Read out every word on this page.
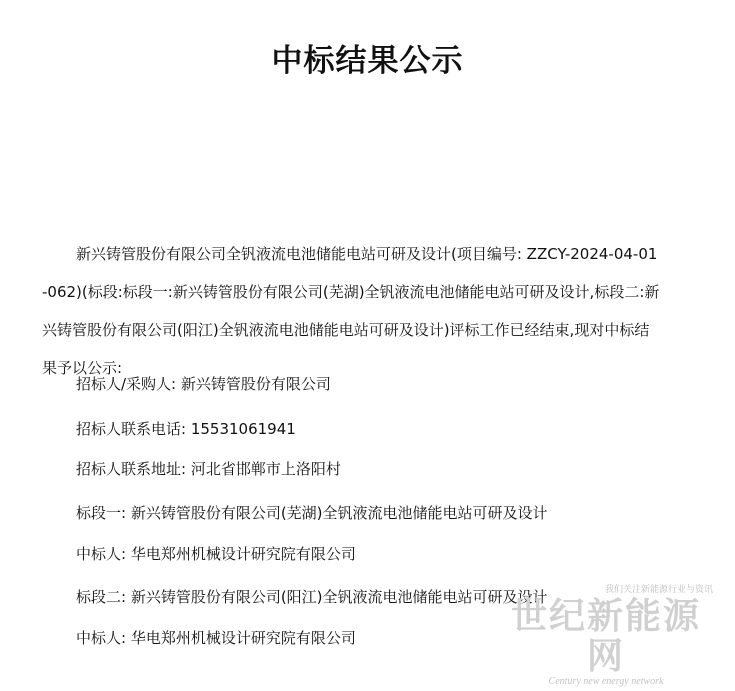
中标结果公示

新兴铸管股份有限公司全钒液流电池储能电站可研及设计(项目编号: ZZCY-2024-04-01-062)(标段:标段一:新兴铸管股份有限公司(芜湖)全钒液流电池储能电站可研及设计,标段二:新兴铸管股份有限公司(阳江)全钒液流电池储能电站可研及设计)评标工作已经结束,现对中标结果予以公示:

招标人/采购人: 新兴铸管股份有限公司
招标人联系电话: 15531061941
招标人联系地址: 河北省邯郸市上洛阳村
标段一: 新兴铸管股份有限公司(芜湖)全钒液流电池储能电站可研及设计
中标人: 华电郑州机械设计研究院有限公司
标段二: 新兴铸管股份有限公司(阳江)全钒液流电池储能电站可研及设计
中标人: 华电郑州机械设计研究院有限公司
我们关注新能源行业与资讯
世纪新能源网
Century new energy network
